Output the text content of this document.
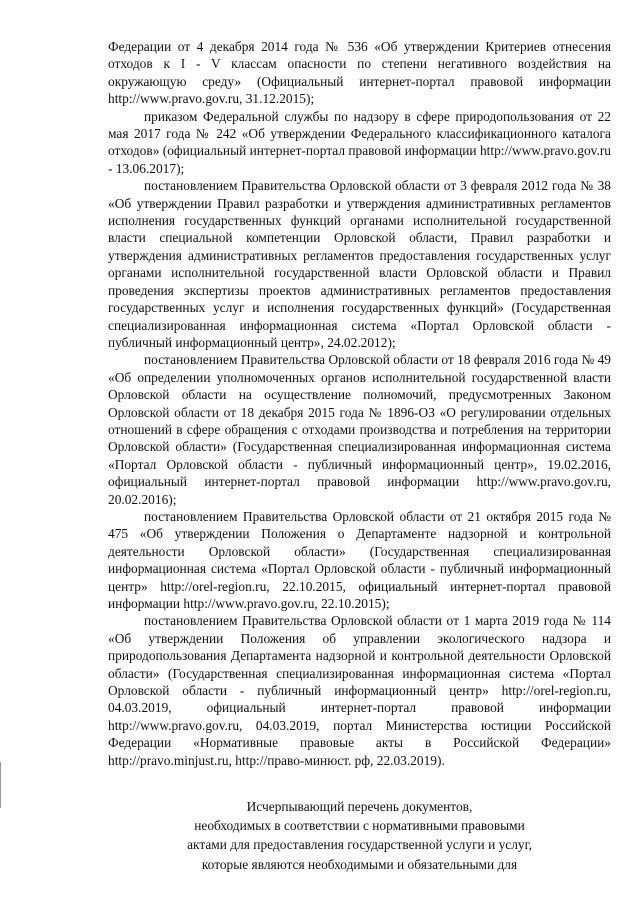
Федерации от 4 декабря 2014 года № 536 «Об утверждении Критериев отнесения отходов к I - V классам опасности по степени негативного воздействия на окружающую среду» (Официальный интернет-портал правовой информации http://www.pravo.gov.ru, 31.12.2015);

приказом Федеральной службы по надзору в сфере природопользования от 22 мая 2017 года № 242 «Об утверждении Федерального классификационного каталога отходов» (официальный интернет-портал правовой информации http://www.pravo.gov.ru - 13.06.2017);

постановлением Правительства Орловской области от 3 февраля 2012 года № 38 «Об утверждении Правил разработки и утверждения административных регламентов исполнения государственных функций органами исполнительной государственной власти специальной компетенции Орловской области, Правил разработки и утверждения административных регламентов предоставления государственных услуг органами исполнительной государственной власти Орловской области и Правил проведения экспертизы проектов административных регламентов предоставления государственных услуг и исполнения государственных функций» (Государственная специализированная информационная система «Портал Орловской области - публичный информационный центр», 24.02.2012);

постановлением Правительства Орловской области от 18 февраля 2016 года № 49 «Об определении уполномоченных органов исполнительной государственной власти Орловской области на осуществление полномочий, предусмотренных Законом Орловской области от 18 декабря 2015 года № 1896-ОЗ «О регулировании отдельных отношений в сфере обращения с отходами производства и потребления на территории Орловской области» (Государственная специализированная информационная система «Портал Орловской области - публичный информационный центр», 19.02.2016, официальный интернет-портал правовой информации http://www.pravo.gov.ru, 20.02.2016);

постановлением Правительства Орловской области от 21 октября 2015 года № 475 «Об утверждении Положения о Департаменте надзорной и контрольной деятельности Орловской области» (Государственная специализированная информационная система «Портал Орловской области - публичный информационный центр» http://orel-region.ru, 22.10.2015, официальный интернет-портал правовой информации http://www.pravo.gov.ru, 22.10.2015);

постановлением Правительства Орловской области от 1 марта 2019 года № 114 «Об утверждении Положения об управлении экологического надзора и природопользования Департамента надзорной и контрольной деятельности Орловской области» (Государственная специализированная информационная система «Портал Орловской области - публичный информационный центр» http://orel-region.ru, 04.03.2019, официальный интернет-портал правовой информации http://www.pravo.gov.ru, 04.03.2019, портал Министерства юстиции Российской Федерации «Нормативные правовые акты в Российской Федерации» http://pravo.minjust.ru, http://право-минюст. рф, 22.03.2019).

Исчерпывающий перечень документов,
необходимых в соответствии с нормативными правовыми
актами для предоставления государственной услуги и услуг,
которые являются необходимыми и обязательными для
